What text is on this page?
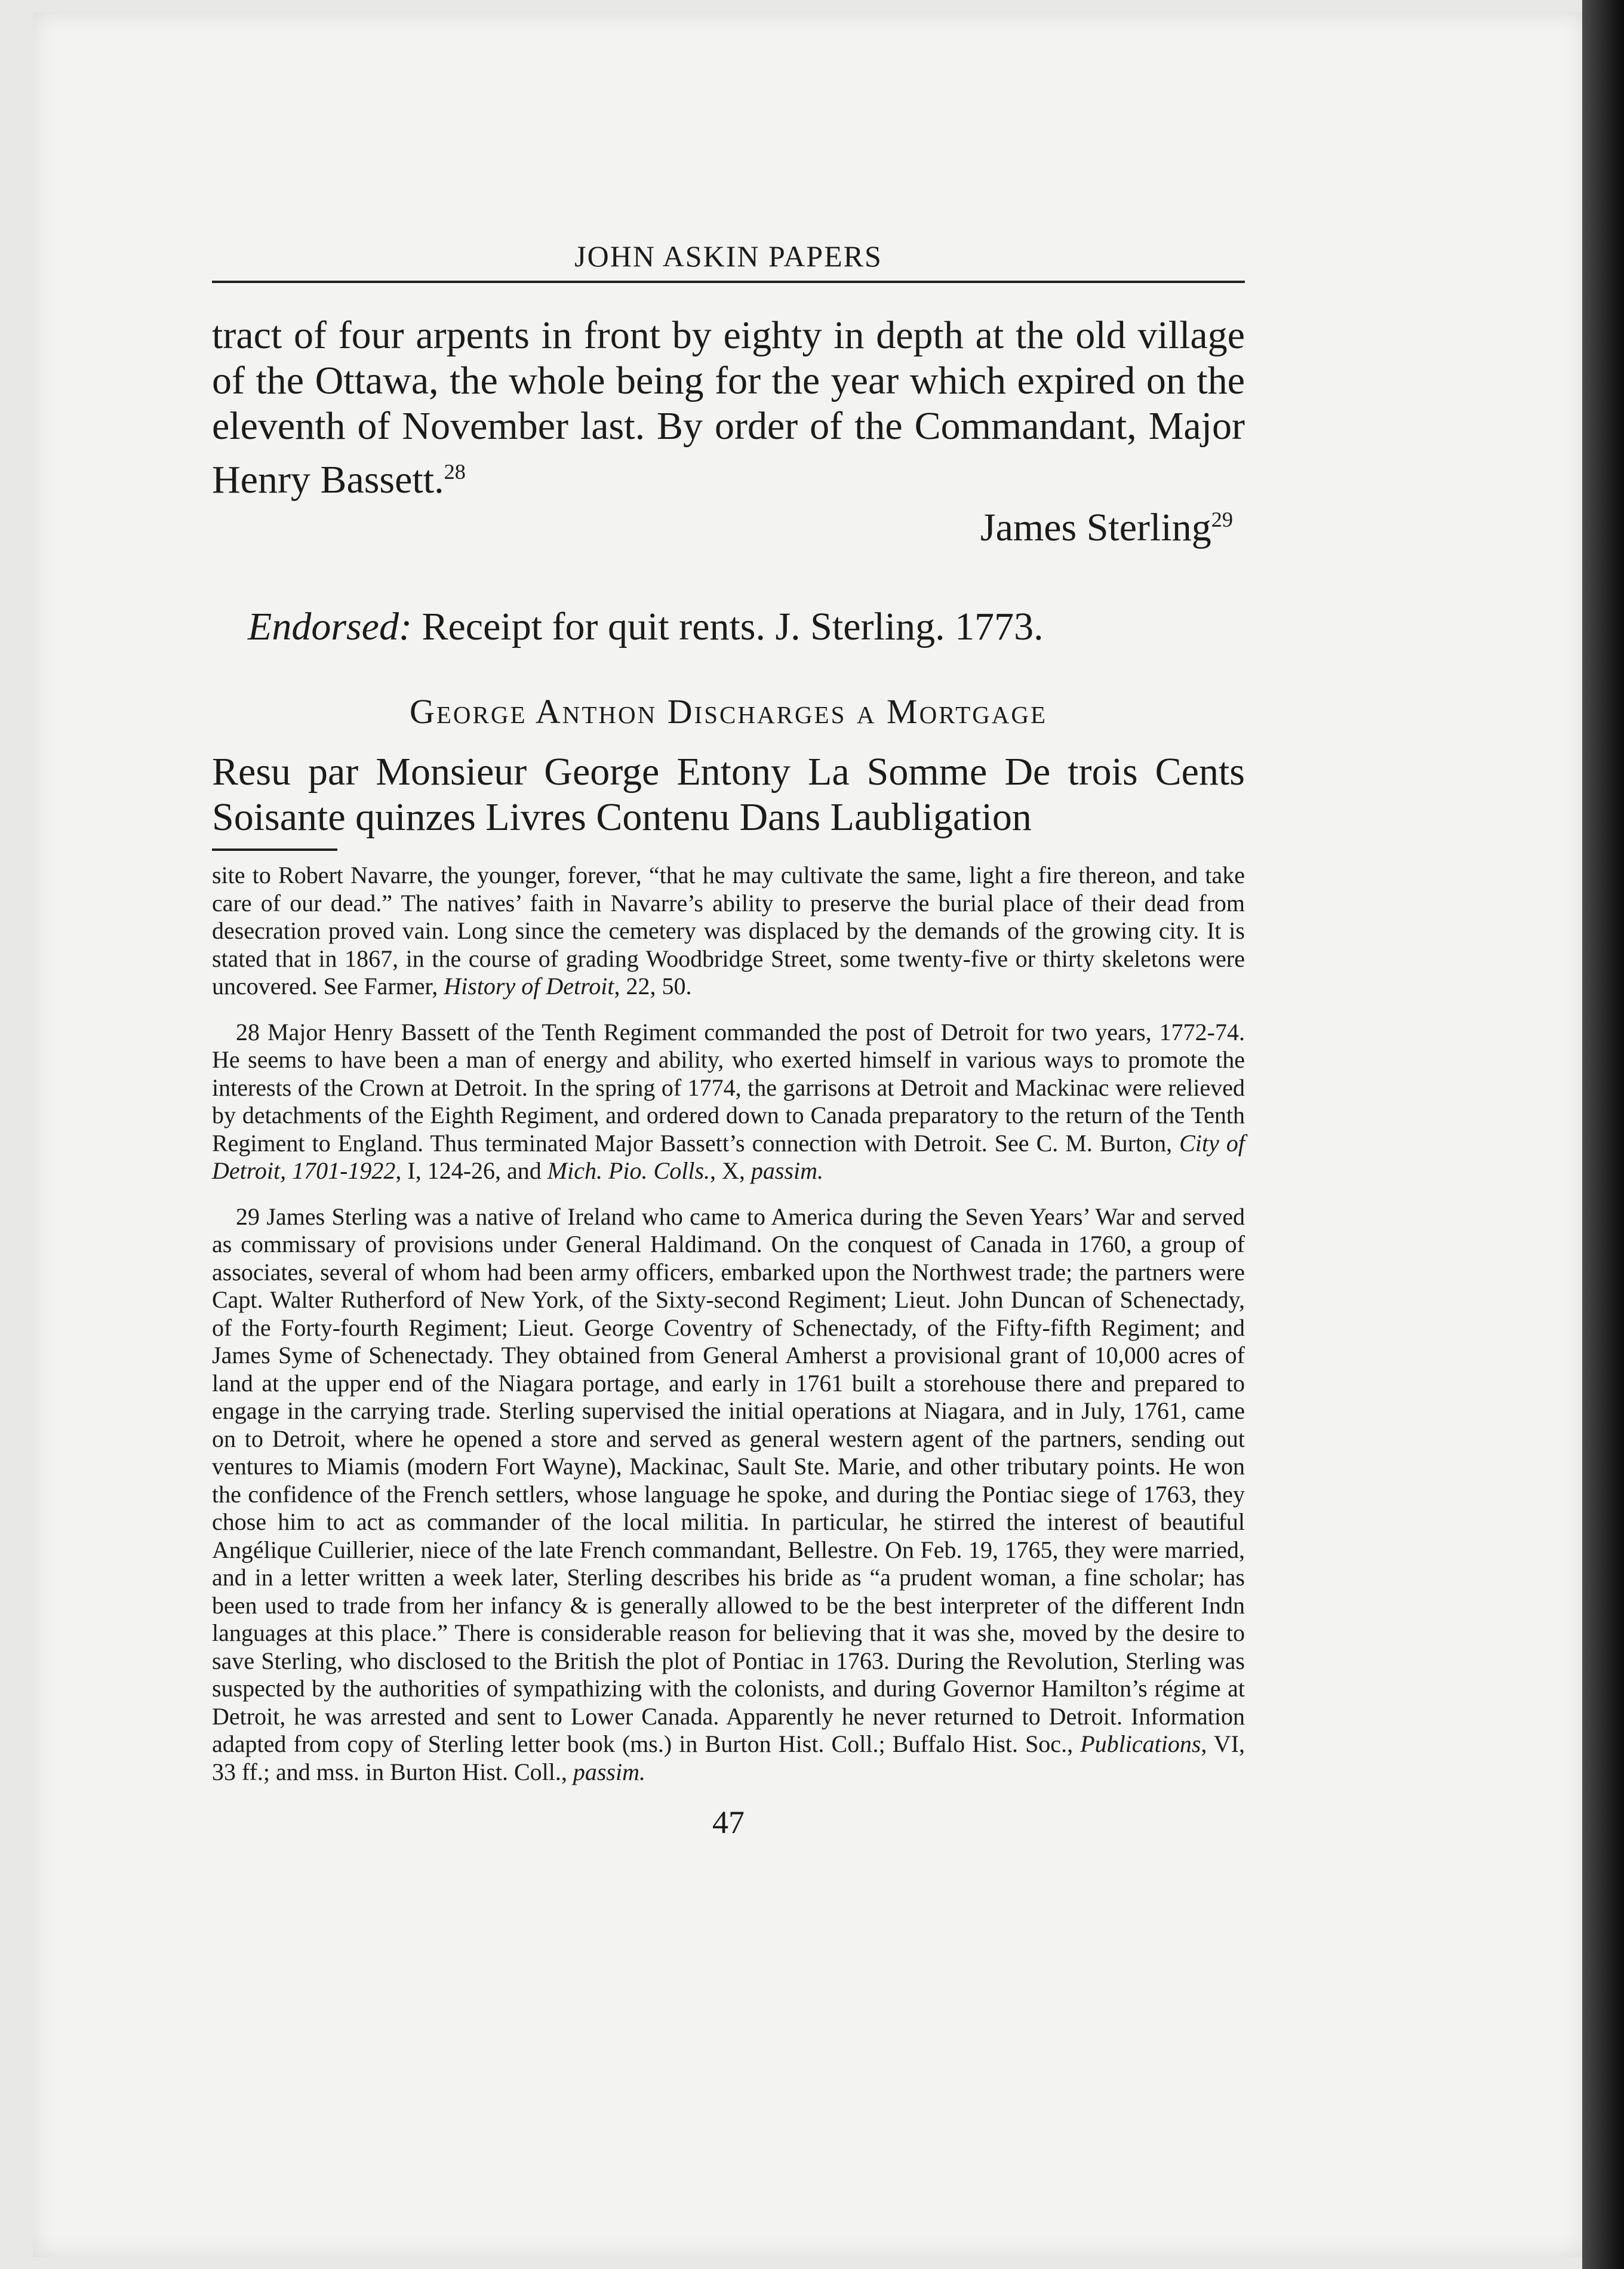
JOHN ASKIN PAPERS

tract of four arpents in front by eighty in depth at the old village of the Ottawa, the whole being for the year which expired on the eleventh of November last. By order of the Commandant, Major Henry Bassett.$^{28}$

James Sterling$^{29}$
Endorsed: Receipt for quit rents. J. Sterling. 1773.
George Anthon Discharges a Mortgage
Resu par Monsieur George Entony La Somme De trois Cents Soisante quinzes Livres Contenu Dans Laubligation

site to Robert Navarre, the younger, forever, “that he may cultivate the same, light a fire thereon, and take care of our dead.” The natives’ faith in Navarre’s ability to preserve the burial place of their dead from desecration proved vain. Long since the cemetery was displaced by the demands of the growing city. It is stated that in 1867, in the course of grading Woodbridge Street, some twenty-five or thirty skeletons were uncovered. See Farmer, History of Detroit, 22, 50.

28 Major Henry Bassett of the Tenth Regiment commanded the post of Detroit for two years, 1772-74. He seems to have been a man of energy and ability, who exerted himself in various ways to promote the interests of the Crown at Detroit. In the spring of 1774, the garrisons at Detroit and Mackinac were relieved by detachments of the Eighth Regiment, and ordered down to Canada preparatory to the return of the Tenth Regiment to England. Thus terminated Major Bassett’s connection with Detroit. See C. M. Burton, City of Detroit, 1701-1922, I, 124-26, and Mich. Pio. Colls., X, passim.

29 James Sterling was a native of Ireland who came to America during the Seven Years’ War and served as commissary of provisions under General Haldimand. On the conquest of Canada in 1760, a group of associates, several of whom had been army officers, embarked upon the Northwest trade; the partners were Capt. Walter Rutherford of New York, of the Sixty-second Regiment; Lieut. John Duncan of Schenectady, of the Forty-fourth Regiment; Lieut. George Coventry of Schenectady, of the Fifty-fifth Regiment; and James Syme of Schenectady. They obtained from General Amherst a provisional grant of 10,000 acres of land at the upper end of the Niagara portage, and early in 1761 built a storehouse there and prepared to engage in the carrying trade. Sterling supervised the initial operations at Niagara, and in July, 1761, came on to Detroit, where he opened a store and served as general western agent of the partners, sending out ventures to Miamis (modern Fort Wayne), Mackinac, Sault Ste. Marie, and other tributary points. He won the confidence of the French settlers, whose language he spoke, and during the Pontiac siege of 1763, they chose him to act as commander of the local militia. In particular, he stirred the interest of beautiful Angélique Cuillerier, niece of the late French commandant, Bellestre. On Feb. 19, 1765, they were married, and in a letter written a week later, Sterling describes his bride as “a prudent woman, a fine scholar; has been used to trade from her infancy & is generally allowed to be the best interpreter of the different Indn languages at this place.” There is considerable reason for believing that it was she, moved by the desire to save Sterling, who disclosed to the British the plot of Pontiac in 1763. During the Revolution, Sterling was suspected by the authorities of sympathizing with the colonists, and during Governor Hamilton’s régime at Detroit, he was arrested and sent to Lower Canada. Apparently he never returned to Detroit. Information adapted from copy of Sterling letter book (ms.) in Burton Hist. Coll.; Buffalo Hist. Soc., Publications, VI, 33 ff.; and mss. in Burton Hist. Coll., passim.

47
